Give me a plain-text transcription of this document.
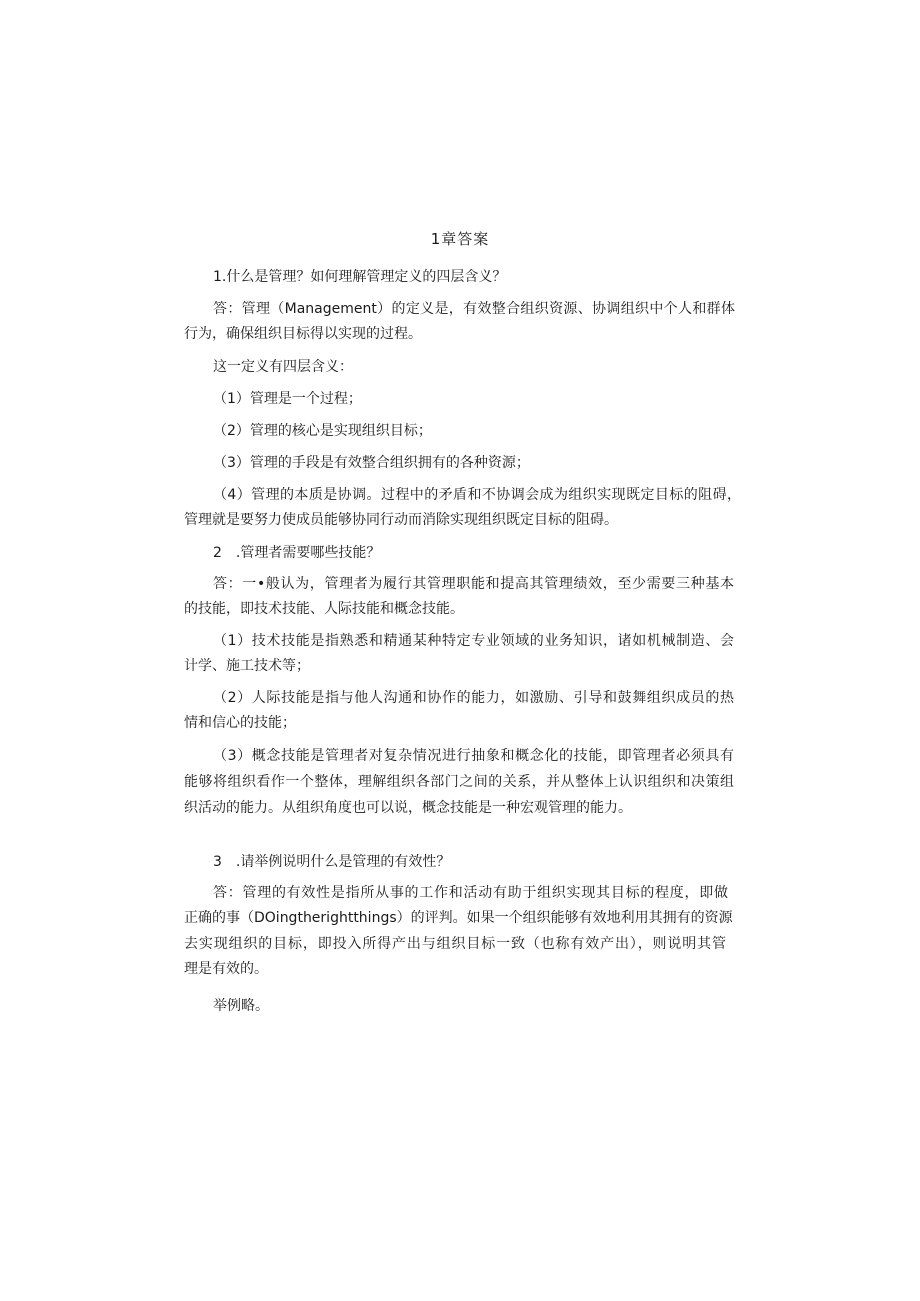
1章答案
1.什么是管理？如何理解管理定义的四层含义？
答：管理（Management）的定义是，有效整合组织资源、协调组织中个人和群体
行为，确保组织目标得以实现的过程。
这一定义有四层含义：
（1）管理是一个过程；
（2）管理的核心是实现组织目标；
（3）管理的手段是有效整合组织拥有的各种资源；
（4）管理的本质是协调。过程中的矛盾和不协调会成为组织实现既定目标的阻碍，
管理就是要努力使成员能够协同行动而消除实现组织既定目标的阻碍。
2　.管理者需要哪些技能？
答：一•般认为，管理者为履行其管理职能和提高其管理绩效，至少需要三种基本
的技能，即技术技能、人际技能和概念技能。
（1）技术技能是指熟悉和精通某种特定专业领域的业务知识，诸如机械制造、会
计学、施工技术等；
（2）人际技能是指与他人沟通和协作的能力，如激励、引导和鼓舞组织成员的热
情和信心的技能；
（3）概念技能是管理者对复杂情况进行抽象和概念化的技能，即管理者必须具有
能够将组织看作一个整体，理解组织各部门之间的关系，并从整体上认识组织和决策组
织活动的能力。从组织角度也可以说，概念技能是一种宏观管理的能力。
3　.请举例说明什么是管理的有效性？
答：管理的有效性是指所从事的工作和活动有助于组织实现其目标的程度，即做
正确的事（DOingtherightthings）的评判。如果一个组织能够有效地利用其拥有的资源
去实现组织的目标，即投入所得产出与组织目标一致（也称有效产出），则说明其管
理是有效的。
举例略。
